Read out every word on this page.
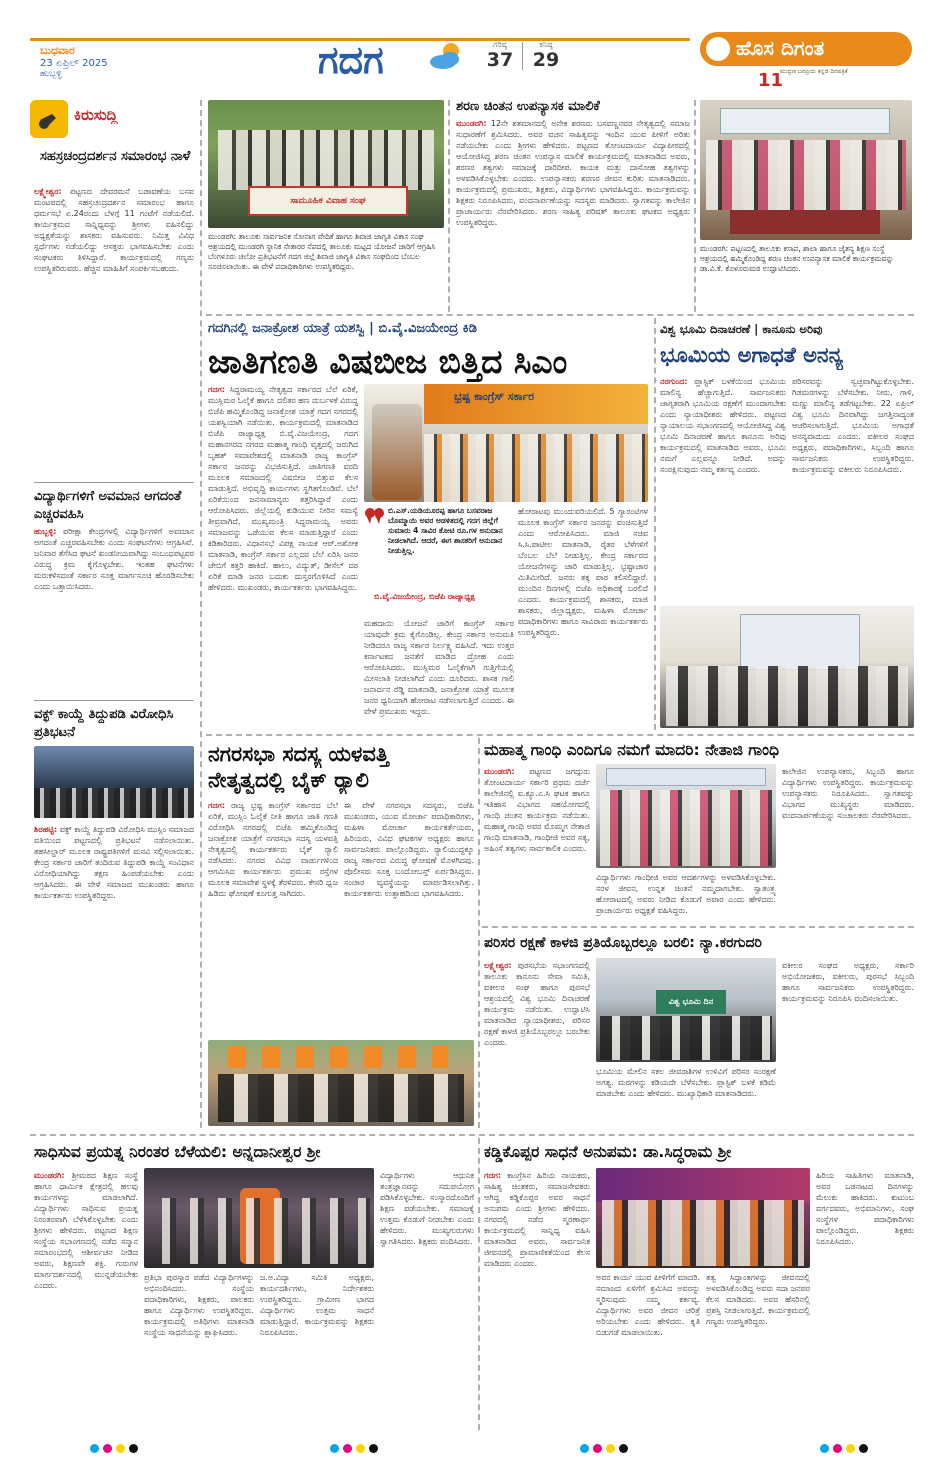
ಬುಧವಾರ
23 ಏಪ್ರಿಲ್ 2025
ಹುಬ್ಬಳ್ಳಿ	ಗದಗ	ಗರಿಷ್ಠ
37
ಕನಿಷ್ಠ
29	ಹೊಸ ದಿಗಂತ
ಮುದ್ರಣ ಜನಪ್ರಿಯ ಕನ್ನಡ ದಿನಪತ್ರಿಕೆ
11
ಕಿರುಸುದ್ದಿ
ಸಹಸ್ರಚಂದ್ರದರ್ಶನ ಸಮಾರಂಭ ನಾಳೆ
ಲಕ್ಷ್ಮೇಶ್ವರ: ಪಟ್ಟಣದ ದೇವರಮನೆ ಬಡಾವಣೆಯ ಬಸವ ಮಂಟಪದಲ್ಲಿ ಸಹಸ್ರಚಂದ್ರದರ್ಶನ ಸಮಾರಂಭ ಹಾಗೂ ಧರ್ಮಸಭೆ ಏ.24ರಂದು ಬೆಳಗ್ಗೆ 11 ಗಂಟೆಗೆ ನಡೆಯಲಿದೆ. ಕಾರ್ಯಕ್ರಮದ ಸಾನ್ನಿಧ್ಯವನ್ನು ಶ್ರೀಗಳು ವಹಿಸಲಿದ್ದು ಅಧ್ಯಕ್ಷತೆಯನ್ನು ಶಾಸಕರು ವಹಿಸುವರು. ನಿಮಿತ್ತ ವಿವಿಧ ಸ್ಪರ್ಧೆಗಳು ನಡೆಯಲಿದ್ದು ಆಸಕ್ತರು ಭಾಗವಹಿಸಬೇಕು ಎಂದು ಸಂಘಟಕರು ತಿಳಿಸಿದ್ದಾರೆ. ಕಾರ್ಯಕ್ರಮದಲ್ಲಿ ಗಣ್ಯರು ಉಪಸ್ಥಿತರಿರುವರು. ಹೆಚ್ಚಿನ ಮಾಹಿತಿಗೆ ಸಂಪರ್ಕಿಸಬಹುದು.
ವಿದ್ಯಾರ್ಥಿಗಳಿಗೆ ಅವಮಾನ ಆಗದಂತೆ ಎಚ್ಚರವಹಿಸಿ
ಹುಬ್ಬಳ್ಳಿ: ಪರೀಕ್ಷಾ ಕೇಂದ್ರಗಳಲ್ಲಿ ವಿದ್ಯಾರ್ಥಿಗಳಿಗೆ ಅವಮಾನ ಆಗದಂತೆ ಎಚ್ಚರವಹಿಸಬೇಕು ಎಂದು ಸಂಘಟನೆಗಳು ಆಗ್ರಹಿಸಿವೆ. ಜನಿವಾರ ತೆಗೆಸಿದ ಘಟನೆ ಖಂಡನೀಯವಾಗಿದ್ದು ಸಂಬಂಧಪಟ್ಟವರ ವಿರುದ್ಧ ಕ್ರಮ ಕೈಗೊಳ್ಳಬೇಕು. ಇಂತಹ ಘಟನೆಗಳು ಮರುಕಳಿಸದಂತೆ ಸರ್ಕಾರ ಸೂಕ್ತ ಮಾರ್ಗಸೂಚಿ ಹೊರಡಿಸಬೇಕು ಎಂದು ಒತ್ತಾಯಿಸಿದರು.
ವಕ್ಫ್ ಕಾಯ್ದೆ ತಿದ್ದುಪಡಿ ವಿರೋಧಿಸಿ ಪ್ರತಿಭಟನೆ
ಶಿರಹಟ್ಟಿ: ವಕ್ಫ್ ಕಾಯ್ದೆ ತಿದ್ದುಪಡಿ ವಿರೋಧಿಸಿ ಮುಸ್ಲಿಂ ಸಮಾಜದ ವತಿಯಿಂದ ಪಟ್ಟಣದಲ್ಲಿ ಪ್ರತಿಭಟನೆ ನಡೆಸಲಾಯಿತು. ತಹಸೀಲ್ದಾರ್ ಮೂಲಕ ರಾಷ್ಟ್ರಪತಿಗಳಿಗೆ ಮನವಿ ಸಲ್ಲಿಸಲಾಯಿತು. ಕೇಂದ್ರ ಸರ್ಕಾರ ಜಾರಿಗೆ ತಂದಿರುವ ತಿದ್ದುಪಡಿ ಕಾಯ್ದೆ ಸಂವಿಧಾನ ವಿರೋಧಿಯಾಗಿದ್ದು ತಕ್ಷಣ ಹಿಂಪಡೆಯಬೇಕು ಎಂದು ಆಗ್ರಹಿಸಿದರು. ಈ ವೇಳೆ ಸಮಾಜದ ಮುಖಂಡರು ಹಾಗೂ ಕಾರ್ಯಕರ್ತರು ಉಪಸ್ಥಿತರಿದ್ದರು.
ಸಾಮೂಹಿಕ ವಿವಾಹ ಸಂಘ
ಮುಂಡರಗಿ: ತಾಲೂಕು ಸಾರ್ವಜನಿಕ ಸೋನಾಗ ವೇದಿಕೆ ಹಾಗೂ ಶಿವಾಜಿ ಜಾಗೃತಿ ವಿಕಾಸ ಸಂಘ ಆಶ್ರಯದಲ್ಲಿ ಮುಂಡರಗಿ ಸ್ಥಾನಿಕ ನೇತಾರರ ನೆಪದಲ್ಲಿ ತಾಲೂಕು ಮಟ್ಟದ ಯೋಜನೆ ಜಾರಿಗೆ ಆಗ್ರಹಿಸಿ ಬೆಂಗಳೂರು ಚಲೋ ಪ್ರತಿಭಟನೆಗೆ ಗದಗ ಜಿಲ್ಲೆ ಶಿವಾಜಿ ಜಾಗೃತಿ ವಿಕಾಸ ಸಂಘದಿಂದ ಬೆಂಬಲ ಸೂಚಿಸಲಾಯಿತು. ಈ ವೇಳೆ ಪದಾಧಿಕಾರಿಗಳು ಉಪಸ್ಥಿತರಿದ್ದರು.
ಶರಣ ಚಿಂತನ ಉಪನ್ಯಾಸಕ ಮಾಲಿಕೆ
ಮುಂಡರಗಿ: 12ನೇ ಶತಮಾನದಲ್ಲಿ ಅನೇಕ ಶರಣರು ಬಸವಣ್ಣನವರ ನೇತೃತ್ವದಲ್ಲಿ ಸಮಾಜ ಸುಧಾರಣೆಗೆ ಶ್ರಮಿಸಿದರು. ಅವರ ವಚನ ಸಾಹಿತ್ಯವನ್ನು ಇಂದಿನ ಯುವ ಪೀಳಿಗೆ ಅರಿತು ನಡೆಯಬೇಕು ಎಂದು ಶ್ರೀಗಳು ಹೇಳಿದರು. ಪಟ್ಟಣದ ತೋಂಟದಾರ್ಯ ವಿದ್ಯಾಪೀಠದಲ್ಲಿ ಆಯೋಜಿಸಿದ್ದ ಶರಣ ಚಿಂತನ ಉಪನ್ಯಾಸ ಮಾಲಿಕೆ ಕಾರ್ಯಕ್ರಮದಲ್ಲಿ ಮಾತನಾಡಿದ ಅವರು, ಶರಣರ ತತ್ವಗಳು ಸಮಾಜಕ್ಕೆ ದಾರಿದೀಪ. ಕಾಯಕ ಮತ್ತು ದಾಸೋಹ ತತ್ವಗಳನ್ನು ಅಳವಡಿಸಿಕೊಳ್ಳಬೇಕು ಎಂದರು. ಉಪನ್ಯಾಸಕರು ಶರಣರ ಜೀವನ ಕುರಿತು ಮಾತನಾಡಿದರು. ಕಾರ್ಯಕ್ರಮದಲ್ಲಿ ಪ್ರಮುಖರು, ಶಿಕ್ಷಕರು, ವಿದ್ಯಾರ್ಥಿಗಳು ಭಾಗವಹಿಸಿದ್ದರು. ಕಾರ್ಯಕ್ರಮವನ್ನು ಶಿಕ್ಷಕರು ನಿರೂಪಿಸಿದರು, ವಂದನಾರ್ಪಣೆಯನ್ನು ಸದಸ್ಯರು ಮಾಡಿದರು. ಸ್ವಾಗತವನ್ನು ಕಾಲೇಜಿನ ಪ್ರಾಚಾರ್ಯರು ನೆರವೇರಿಸಿದರು. ಶರಣ ಸಾಹಿತ್ಯ ಪರಿಷತ್ ತಾಲೂಕು ಘಟಕದ ಅಧ್ಯಕ್ಷರು ಉಪಸ್ಥಿತರಿದ್ದರು.
ಮುಂಡರಗಿ: ಪಟ್ಟಣದಲ್ಲಿ ತಾಲೂಕು ಕಸಾಪ, ಶಾಲಾ ಹಾಗೂ ಚೈತನ್ಯ ಶಿಕ್ಷಣ ಸಂಸ್ಥೆ ಆಶ್ರಯದಲ್ಲಿ ಹಮ್ಮಿಕೊಂಡಿದ್ದ ಶರಣ ಚಿಂತನ ಉಪನ್ಯಾಸಕ ಮಾಲಿಕೆ ಕಾರ್ಯಕ್ರಮವನ್ನು ಡಾ.ವಿ.ಕೆ. ಕೊಳೂರುಮಠ ಉದ್ಘಾಟಿಸಿದರು.
ಗದಗಿನಲ್ಲಿ ಜನಾಕ್ರೋಶ ಯಾತ್ರೆ ಯಶಸ್ವಿ | ಬಿ.ವೈ.ವಿಜಯೇಂದ್ರ ಕಿಡಿ
ಜಾತಿಗಣತಿ ವಿಷಬೀಜ ಬಿತ್ತಿದ ಸಿಎಂ
ಗದಗ: ಸಿದ್ದರಾಮಯ್ಯ ನೇತೃತ್ವದ ಸರ್ಕಾರದ ಬೆಲೆ ಏರಿಕೆ, ಮುಸ್ಲಿಮರ ಓಲೈಕೆ ಹಾಗೂ ದಲಿತರ ಹಣ ದುರ್ಬಳಕೆ ವಿರುದ್ಧ ಬಿಜೆಪಿ ಹಮ್ಮಿಕೊಂಡಿದ್ದ ಜನಾಕ್ರೋಶ ಯಾತ್ರೆ ಗದಗ ನಗರದಲ್ಲಿ ಯಶಸ್ವಿಯಾಗಿ ನಡೆಯಿತು. ಕಾರ್ಯಕ್ರಮದಲ್ಲಿ ಮಾತನಾಡಿದ ಬಿಜೆಪಿ ರಾಜ್ಯಾಧ್ಯಕ್ಷ ಬಿ.ವೈ.ವಿಜಯೇಂದ್ರ, ಗದಗ ಮಹಾನಗರದ ನಗರದ ಮಹಾತ್ಮ ಗಾಂಧಿ ವೃತ್ತದಲ್ಲಿ ಜರುಗಿದ ಬೃಹತ್ ಸಮಾವೇಶದಲ್ಲಿ ಮಾತನಾಡಿ ರಾಜ್ಯ ಕಾಂಗ್ರೆಸ್ ಸರ್ಕಾರ ಜನರನ್ನು ವಿಭಜಿಸುತ್ತಿದೆ. ಜಾತಿಗಣತಿ ವರದಿ ಮೂಲಕ ಸಮಾಜದಲ್ಲಿ ವಿಷಬೀಜ ಬಿತ್ತುವ ಕೆಲಸ ಮಾಡುತ್ತಿದೆ. ಅಭಿವೃದ್ಧಿ ಕಾರ್ಯಗಳು ಸ್ಥಗಿತಗೊಂಡಿವೆ. ಬೆಲೆ ಏರಿಕೆಯಿಂದ ಜನಸಾಮಾನ್ಯರು ತತ್ತರಿಸಿದ್ದಾರೆ ಎಂದು ಆರೋಪಿಸಿದರು. ಜಿಲ್ಲೆಯಲ್ಲಿ ಕುಡಿಯುವ ನೀರಿನ ಸಮಸ್ಯೆ ತೀವ್ರವಾಗಿದೆ, ಮುಖ್ಯಮಂತ್ರಿ ಸಿದ್ದರಾಮಯ್ಯ ಅವರು ಸಮಾಜವನ್ನು ಒಡೆಯುವ ಕೆಲಸ ಮಾಡುತ್ತಿದ್ದಾರೆ ಎಂದು ಕಿಡಿಕಾರಿದರು. ವಿಧಾನಸಭೆ ವಿಪಕ್ಷ ನಾಯಕ ಆರ್.ಅಶೋಕ ಮಾತನಾಡಿ, ಕಾಂಗ್ರೆಸ್ ಸರ್ಕಾರ ಎಲ್ಲದರ ಬೆಲೆ ಏರಿಸಿ ಜನರ ಜೇಬಿಗೆ ಕತ್ತರಿ ಹಾಕಿದೆ. ಹಾಲು, ವಿದ್ಯುತ್, ಡೀಸೆಲ್ ದರ ಏರಿಕೆ ಮಾಡಿ ಜನರ ಬದುಕು ದುಸ್ತರಗೊಳಿಸಿದೆ ಎಂದು ಹೇಳಿದರು. ಮುಖಂಡರು, ಕಾರ್ಯಕರ್ತರು ಭಾಗವಹಿಸಿದ್ದರು.
ಭ್ರಷ್ಟ ಕಾಂಗ್ರೆಸ್ ಸರ್ಕಾರ
ಬಿ.ಎಸ್.ಯಡಿಯೂರಪ್ಪ ಹಾಗೂ ಬಸವರಾಜ ಬೊಮ್ಮಾಯಿ ಅವರ ಆಡಳಿತದಲ್ಲಿ ಗದಗ ಜಿಲ್ಲೆಗೆ ಸುಮಾರು 4 ಸಾವಿರ ಕೋಟಿ ರೂ.ಗಳ ಅನುದಾನ ನೀಡಲಾಗಿದೆ. ಆದರೆ, ಈಗ ಶಾಸಕರಿಗೆ ಅನುದಾನ ನೀಡುತ್ತಿಲ್ಲ.
ಬಿ.ವೈ.ವಿಜಯೇಂದ್ರ, ಬಿಜೆಪಿ ರಾಜ್ಯಾಧ್ಯಕ್ಷ
ಹೋರಾಟವು ಮುಂದುವರಿಯಲಿದೆ. 5 ಗ್ಯಾರಂಟಿಗಳ ಮೂಲಕ ಕಾಂಗ್ರೆಸ್ ಸರ್ಕಾರ ಜನರನ್ನು ವಂಚಿಸುತ್ತಿದೆ ಎಂದು ಆರೋಪಿಸಿದರು. ಮಾಜಿ ಸಚಿವ ಸಿ.ಸಿ.ಪಾಟೀಲ ಮಾತನಾಡಿ, ರೈತರ ಬೆಳೆಗಳಿಗೆ ಬೆಂಬಲ ಬೆಲೆ ನೀಡುತ್ತಿಲ್ಲ. ಕೇಂದ್ರ ಸರ್ಕಾರದ ಯೋಜನೆಗಳನ್ನು ಜಾರಿ ಮಾಡುತ್ತಿಲ್ಲ. ಭ್ರಷ್ಟಾಚಾರ ಮಿತಿಮೀರಿದೆ. ಜನರು ತಕ್ಕ ಪಾಠ ಕಲಿಸಲಿದ್ದಾರೆ. ಮುಂದಿನ ದಿನಗಳಲ್ಲಿ ಬಿಜೆಪಿ ಅಧಿಕಾರಕ್ಕೆ ಬರಲಿದೆ ಎಂದರು. ಕಾರ್ಯಕ್ರಮದಲ್ಲಿ ಶಾಸಕರು, ಮಾಜಿ ಶಾಸಕರು, ಜಿಲ್ಲಾಧ್ಯಕ್ಷರು, ಮಹಿಳಾ ಮೋರ್ಚಾ ಪದಾಧಿಕಾರಿಗಳು ಹಾಗೂ ಸಾವಿರಾರು ಕಾರ್ಯಕರ್ತರು ಉಪಸ್ಥಿತರಿದ್ದರು.
ಮಹದಾಯಿ ಯೋಜನೆ ಜಾರಿಗೆ ಕಾಂಗ್ರೆಸ್ ಸರ್ಕಾರ ಯಾವುದೇ ಕ್ರಮ ಕೈಗೊಂಡಿಲ್ಲ. ಕೇಂದ್ರ ಸರ್ಕಾರ ಅನುಮತಿ ನೀಡಿದರೂ ರಾಜ್ಯ ಸರ್ಕಾರ ನಿರ್ಲಕ್ಷ್ಯ ವಹಿಸಿದೆ. ಇದು ಉತ್ತರ ಕರ್ನಾಟಕದ ಜನತೆಗೆ ಮಾಡಿದ ದ್ರೋಹ ಎಂದು ಆರೋಪಿಸಿದರು. ಮುಸ್ಲಿಮರ ಓಲೈಕೆಗಾಗಿ ಗುತ್ತಿಗೆಯಲ್ಲಿ ಮೀಸಲಾತಿ ನೀಡಲಾಗಿದೆ ಎಂದು ದೂರಿದರು. ಶಾಸಕ ಗಾಲಿ ಜನಾರ್ದನ ರೆಡ್ಡಿ ಮಾತನಾಡಿ, ಜನಾಕ್ರೋಶ ಯಾತ್ರೆ ಮೂಲಕ ಜನರ ಧ್ವನಿಯಾಗಿ ಹೋರಾಟ ನಡೆಸಲಾಗುತ್ತಿದೆ ಎಂದರು. ಈ ವೇಳೆ ಪ್ರಮುಖರು ಇದ್ದರು.
ವಿಶ್ವ ಭೂಮಿ ದಿನಾಚರಣೆ | ಕಾನೂನು ಅರಿವು
ಭೂಮಿಯ ಅಗಾಧತೆ ಅನನ್ಯ
ನರಗುಂದ: ಪ್ಲಾಸ್ಟಿಕ್ ಬಳಕೆಯಿಂದ ಭೂಮಿಯ ಮಾಲಿನ್ಯ ಹೆಚ್ಚಾಗುತ್ತಿದೆ. ಸಾರ್ವಜನಿಕರು ಜಾಗೃತರಾಗಿ ಭೂಮಿಯ ರಕ್ಷಣೆಗೆ ಮುಂದಾಗಬೇಕು ಎಂದು ನ್ಯಾಯಾಧೀಶರು ಹೇಳಿದರು. ಪಟ್ಟಣದ ನ್ಯಾಯಾಲಯ ಸಭಾಂಗಣದಲ್ಲಿ ಆಯೋಜಿಸಿದ್ದ ವಿಶ್ವ ಭೂಮಿ ದಿನಾಚರಣೆ ಹಾಗೂ ಕಾನೂನು ಅರಿವು ಕಾರ್ಯಕ್ರಮದಲ್ಲಿ ಮಾತನಾಡಿದ ಅವರು, ಭೂಮಿ ನಮಗೆ ಎಲ್ಲವನ್ನೂ ನೀಡಿದೆ. ಅದನ್ನು ಸಂರಕ್ಷಿಸುವುದು ನಮ್ಮ ಕರ್ತವ್ಯ ಎಂದರು.
ಪರಿಸರವನ್ನು ಸ್ವಚ್ಛವಾಗಿಟ್ಟುಕೊಳ್ಳಬೇಕು. ಗಿಡಮರಗಳನ್ನು ಬೆಳೆಸಬೇಕು. ನೀರು, ಗಾಳಿ, ಮಣ್ಣು ಮಾಲಿನ್ಯ ತಡೆಗಟ್ಟಬೇಕು. 22 ಏಪ್ರಿಲ್ ವಿಶ್ವ ಭೂಮಿ ದಿನವಾಗಿದ್ದು ಜಗತ್ತಿನಾದ್ಯಂತ ಆಚರಿಸಲಾಗುತ್ತಿದೆ. ಭೂಮಿಯ ಅಗಾಧತೆ ಅನನ್ಯವಾದುದು ಎಂದರು. ವಕೀಲರ ಸಂಘದ ಅಧ್ಯಕ್ಷರು, ಪದಾಧಿಕಾರಿಗಳು, ಸಿಬ್ಬಂದಿ ಹಾಗೂ ಸಾರ್ವಜನಿಕರು ಉಪಸ್ಥಿತರಿದ್ದರು. ಕಾರ್ಯಕ್ರಮವನ್ನು ವಕೀಲರು ನಿರೂಪಿಸಿದರು.
ನಗರಸಭಾ ಸದಸ್ಯ ಯಳವತ್ತಿ
ನೇತೃತ್ವದಲ್ಲಿ ಬೈಕ್ ರ್‍ಯಾಲಿ
ಗದಗ: ರಾಜ್ಯ ಭ್ರಷ್ಟ ಕಾಂಗ್ರೆಸ್ ಸರ್ಕಾರದ ಬೆಲೆ ಏರಿಕೆ, ಮುಸ್ಲಿಂ ಓಲೈಕೆ ನೀತಿ ಹಾಗೂ ಜಾತಿ ಗಣತಿ ವಿರೋಧಿಸಿ ನಗರದಲ್ಲಿ ಬಿಜೆಪಿ ಹಮ್ಮಿಕೊಂಡಿದ್ದ ಜನಾಕ್ರೋಶ ಯಾತ್ರೆಗೆ ನಗರಸಭಾ ಸದಸ್ಯ ಯಳವತ್ತಿ ನೇತೃತ್ವದಲ್ಲಿ ಕಾರ್ಯಕರ್ತರು ಬೈಕ್ ರ್‍ಯಾಲಿ ನಡೆಸಿದರು. ನಗರದ ವಿವಿಧ ವಾರ್ಡುಗಳಿಂದ ಆಗಮಿಸಿದ ಕಾರ್ಯಕರ್ತರು ಪ್ರಮುಖ ರಸ್ತೆಗಳ ಮೂಲಕ ಸಮಾವೇಶ ಸ್ಥಳಕ್ಕೆ ತೆರಳಿದರು. ಕೇಸರಿ ಧ್ವಜ ಹಿಡಿದು ಘೋಷಣೆ ಕೂಗುತ್ತ ಸಾಗಿದರು.
ಈ ವೇಳೆ ನಗರಸಭಾ ಸದಸ್ಯರು, ಬಿಜೆಪಿ ಮುಖಂಡರು, ಯುವ ಮೋರ್ಚಾ ಪದಾಧಿಕಾರಿಗಳು, ಮಹಿಳಾ ಮೋರ್ಚಾ ಕಾರ್ಯಕರ್ತೆಯರು, ಹಿರಿಯರು, ವಿವಿಧ ಘಟಕಗಳ ಅಧ್ಯಕ್ಷರು ಹಾಗೂ ಸಾರ್ವಜನಿಕರು ಪಾಲ್ಗೊಂಡಿದ್ದರು. ರ್‍ಯಾಲಿಯುದ್ದಕ್ಕೂ ರಾಜ್ಯ ಸರ್ಕಾರದ ವಿರುದ್ಧ ಘೋಷಣೆ ಮೊಳಗಿದವು. ಪೊಲೀಸರು ಸೂಕ್ತ ಬಂದೋಬಸ್ತ್ ಏರ್ಪಡಿಸಿದ್ದರು. ಸಂಚಾರ ವ್ಯವಸ್ಥೆಯನ್ನು ಮಾರ್ಪಡಿಸಲಾಗಿತ್ತು. ಕಾರ್ಯಕರ್ತರು ಉತ್ಸಾಹದಿಂದ ಭಾಗವಹಿಸಿದರು.
ಮಹಾತ್ಮ ಗಾಂಧಿ ಎಂದಿಗೂ ನಮಗೆ ಮಾದರಿ: ನೇತಾಜಿ ಗಾಂಧಿ
ಮುಂಡರಗಿ: ಪಟ್ಟಣದ ಜಗದ್ಗುರು ತೋಂಟದಾರ್ಯ ಸರ್ಕಾರಿ ಪ್ರಥಮ ದರ್ಜೆ ಕಾಲೇಜಿನಲ್ಲಿ ಐ.ಕ್ಯೂ.ಎ.ಸಿ ಘಟಕ ಹಾಗೂ ಇತಿಹಾಸ ವಿಭಾಗದ ಸಹಯೋಗದಲ್ಲಿ ಗಾಂಧಿ ಚಿಂತನ ಕಾರ್ಯಕ್ರಮ ನಡೆಯಿತು. ಮಹಾತ್ಮ ಗಾಂಧಿ ಅವರ ಮೊಮ್ಮಗ ನೇತಾಜಿ ಗಾಂಧಿ ಮಾತನಾಡಿ, ಗಾಂಧೀಜಿ ಅವರ ಸತ್ಯ, ಅಹಿಂಸೆ ತತ್ವಗಳು ಸಾರ್ವಕಾಲಿಕ ಎಂದರು.
ವಿದ್ಯಾರ್ಥಿಗಳು ಗಾಂಧೀಜಿ ಅವರ ಆದರ್ಶಗಳನ್ನು ಅಳವಡಿಸಿಕೊಳ್ಳಬೇಕು. ಸರಳ ಜೀವನ, ಉನ್ನತ ಚಿಂತನೆ ನಮ್ಮದಾಗಬೇಕು. ಸ್ವಾತಂತ್ರ್ಯ ಹೋರಾಟದಲ್ಲಿ ಅವರು ನೀಡಿದ ಕೊಡುಗೆ ಅಪಾರ ಎಂದು ಹೇಳಿದರು. ಪ್ರಾಚಾರ್ಯರು ಅಧ್ಯಕ್ಷತೆ ವಹಿಸಿದ್ದರು.
ಕಾಲೇಜಿನ ಉಪನ್ಯಾಸಕರು, ಸಿಬ್ಬಂದಿ ಹಾಗೂ ವಿದ್ಯಾರ್ಥಿಗಳು ಉಪಸ್ಥಿತರಿದ್ದರು. ಕಾರ್ಯಕ್ರಮವನ್ನು ಉಪನ್ಯಾಸಕರು ನಿರೂಪಿಸಿದರು. ಸ್ವಾಗತವನ್ನು ವಿಭಾಗದ ಮುಖ್ಯಸ್ಥರು ಮಾಡಿದರು. ವಂದನಾರ್ಪಣೆಯನ್ನು ಸಂಚಾಲಕರು ನೆರವೇರಿಸಿದರು.
ಪರಿಸರ ರಕ್ಷಣೆ ಕಾಳಜಿ ಪ್ರತಿಯೊಬ್ಬರಲ್ಲೂ ಬರಲಿ: ನ್ಯಾ.ಕರಗುದರಿ
ಲಕ್ಷ್ಮೇಶ್ವರ: ಪುರಸಭೆಯ ಸಭಾಂಗಣದಲ್ಲಿ ತಾಲೂಕು ಕಾನೂನು ಸೇವಾ ಸಮಿತಿ, ವಕೀಲರ ಸಂಘ ಹಾಗೂ ಪುರಸಭೆ ಆಶ್ರಯದಲ್ಲಿ ವಿಶ್ವ ಭೂಮಿ ದಿನಾಚರಣೆ ಕಾರ್ಯಕ್ರಮ ನಡೆಯಿತು. ಉದ್ಘಾಟಿಸಿ ಮಾತನಾಡಿದ ನ್ಯಾಯಾಧೀಶರು, ಪರಿಸರ ರಕ್ಷಣೆ ಕಾಳಜಿ ಪ್ರತಿಯೊಬ್ಬರಲ್ಲೂ ಬರಬೇಕು ಎಂದರು.
ವಿಶ್ವ ಭೂಮಿ ದಿನ
ಭೂಮಿಯ ಮೇಲಿನ ಸಕಲ ಜೀವರಾಶಿಗಳ ಉಳಿವಿಗೆ ಪರಿಸರ ಸಂರಕ್ಷಣೆ ಅಗತ್ಯ. ಮರಗಳನ್ನು ಕಡಿಯದೇ ಬೆಳೆಸಬೇಕು. ಪ್ಲಾಸ್ಟಿಕ್ ಬಳಕೆ ಕಡಿಮೆ ಮಾಡಬೇಕು ಎಂದು ಹೇಳಿದರು. ಮುಖ್ಯಾಧಿಕಾರಿ ಮಾತನಾಡಿದರು.
ವಕೀಲರ ಸಂಘದ ಅಧ್ಯಕ್ಷರು, ಸರ್ಕಾರಿ ಅಭಿಯೋಜಕರು, ವಕೀಲರು, ಪುರಸಭೆ ಸಿಬ್ಬಂದಿ ಹಾಗೂ ಸಾರ್ವಜನಿಕರು ಉಪಸ್ಥಿತರಿದ್ದರು. ಕಾರ್ಯಕ್ರಮವನ್ನು ನಿರೂಪಿಸಿ ವಂದಿಸಲಾಯಿತು.
ಸಾಧಿಸುವ ಪ್ರಯತ್ನ ನಿರಂತರ ಬೆಳೆಯಲಿ: ಅನ್ನದಾನೀಶ್ವರ ಶ್ರೀ
ಮುಂಡರಗಿ: ಶ್ರೀಮಠದ ಶಿಕ್ಷಣ ಸಂಸ್ಥೆ ಹಾಗೂ ಧಾರ್ಮಿಕ ಕ್ಷೇತ್ರದಲ್ಲಿ ಹಲವು ಕಾರ್ಯಗಳನ್ನು ಮಾಡಲಾಗಿದೆ. ವಿದ್ಯಾರ್ಥಿಗಳು ಸಾಧಿಸುವ ಪ್ರಯತ್ನ ನಿರಂತರವಾಗಿ ಬೆಳೆಸಿಕೊಳ್ಳಬೇಕು ಎಂದು ಶ್ರೀಗಳು ಹೇಳಿದರು. ಪಟ್ಟಣದ ಶಿಕ್ಷಣ ಸಂಸ್ಥೆಯ ಸಭಾಂಗಣದಲ್ಲಿ ನಡೆದ ಸನ್ಮಾನ ಸಮಾರಂಭದಲ್ಲಿ ಆಶೀರ್ವಚನ ನೀಡಿದ ಅವರು, ಶಿಕ್ಷಣವೇ ಶಕ್ತಿ. ಗುರುಗಳ ಮಾರ್ಗದರ್ಶನದಲ್ಲಿ ಮುನ್ನಡೆಯಬೇಕು ಎಂದರು.
ಪ್ರತಿಭಾ ಪುರಸ್ಕಾರ ಪಡೆದ ವಿದ್ಯಾರ್ಥಿಗಳನ್ನು ಅಭಿನಂದಿಸಿದರು. ಸಂಸ್ಥೆಯ ಪದಾಧಿಕಾರಿಗಳು, ಶಿಕ್ಷಕರು, ಪಾಲಕರು ಹಾಗೂ ವಿದ್ಯಾರ್ಥಿಗಳು ಉಪಸ್ಥಿತರಿದ್ದರು. ಕಾರ್ಯಕ್ರಮದಲ್ಲಿ ಅತಿಥಿಗಳು ಮಾತನಾಡಿ ಸಂಸ್ಥೆಯ ಸಾಧನೆಯನ್ನು ಶ್ಲಾಘಿಸಿದರು.
ಜ.ಅ.ವಿದ್ಯಾ ಸಮಿತಿ ಅಧ್ಯಕ್ಷರು, ಕಾರ್ಯದರ್ಶಿಗಳು, ನಿರ್ದೇಶಕರು ಉಪಸ್ಥಿತರಿದ್ದರು. ಗ್ರಾಮೀಣ ಭಾಗದ ವಿದ್ಯಾರ್ಥಿಗಳು ಉತ್ತಮ ಸಾಧನೆ ಮಾಡುತ್ತಿದ್ದಾರೆ. ಕಾರ್ಯಕ್ರಮವನ್ನು ಶಿಕ್ಷಕರು ನಿರೂಪಿಸಿದರು.
ವಿದ್ಯಾರ್ಥಿಗಳು ಆಧುನಿಕ ತಂತ್ರಜ್ಞಾನವನ್ನು ಸದುಪಯೋಗ ಪಡಿಸಿಕೊಳ್ಳಬೇಕು. ಸಂಸ್ಕಾರದೊಂದಿಗೆ ಶಿಕ್ಷಣ ಪಡೆಯಬೇಕು. ಸಮಾಜಕ್ಕೆ ಉತ್ತಮ ಕೊಡುಗೆ ನೀಡಬೇಕು ಎಂದು ಹೇಳಿದರು. ಮುಖ್ಯಗುರುಗಳು ಸ್ವಾಗತಿಸಿದರು. ಶಿಕ್ಷಕರು ವಂದಿಸಿದರು.
ಕಡ್ಡಿಕೊಪ್ಪರ ಸಾಧನೆ ಅನುಪಮ: ಡಾ.ಸಿದ್ಧರಾಮ ಶ್ರೀ
ಗದಗ: ಕಾಂಗ್ರೆಸಿನ ಹಿರಿಯ ನಾಯಕರು, ಸಾಹಿತ್ಯ ಚಿಂತಕರು, ಸಮಾಜಸೇವಕರು ಆಗಿದ್ದ ಕಡ್ಡಿಕೊಪ್ಪರ ಅವರ ಸಾಧನೆ ಅನುಪಮ ಎಂದು ಶ್ರೀಗಳು ಹೇಳಿದರು. ನಗರದಲ್ಲಿ ನಡೆದ ಸ್ಮರಣಾರ್ಥ ಕಾರ್ಯಕ್ರಮದಲ್ಲಿ ಸಾನ್ನಿಧ್ಯ ವಹಿಸಿ ಮಾತನಾಡಿದ ಅವರು, ಸಾರ್ವಜನಿಕ ಜೀವನದಲ್ಲಿ ಪ್ರಾಮಾಣಿಕತೆಯಿಂದ ಕೆಲಸ ಮಾಡಿದರು ಎಂದರು.
ಅವರ ಕಾರ್ಯ ಯುವ ಪೀಳಿಗೆಗೆ ಮಾದರಿ. ಸಮಾಜದ ಏಳಿಗೆಗೆ ಶ್ರಮಿಸಿದ ಅವರನ್ನು ಸ್ಮರಿಸುವುದು ನಮ್ಮ ಕರ್ತವ್ಯ. ವಿದ್ಯಾರ್ಥಿಗಳು ಅವರ ಜೀವನ ಚರಿತ್ರೆ ಅರಿಯಬೇಕು ಎಂದು ಹೇಳಿದರು. ಕೃತಿ ಬಿಡುಗಡೆ ಮಾಡಲಾಯಿತು.
ತತ್ವ ಸಿದ್ಧಾಂತಗಳನ್ನು ಜೀವನದಲ್ಲಿ ಅಳವಡಿಸಿಕೊಂಡಿದ್ದ ಅವರು ಸದಾ ಜನಪರ ಕೆಲಸ ಮಾಡಿದರು. ಅವರ ಹೆಸರಿನಲ್ಲಿ ಪ್ರಶಸ್ತಿ ನೀಡಲಾಗುತ್ತಿದೆ. ಕಾರ್ಯಕ್ರಮದಲ್ಲಿ ಗಣ್ಯರು ಉಪಸ್ಥಿತರಿದ್ದರು.
ಹಿರಿಯ ಸಾಹಿತಿಗಳು ಮಾತನಾಡಿ, ಅವರ ಒಡನಾಟದ ದಿನಗಳನ್ನು ಮೆಲುಕು ಹಾಕಿದರು. ಕುಟುಂಬ ವರ್ಗದವರು, ಅಭಿಮಾನಿಗಳು, ಸಂಘ ಸಂಸ್ಥೆಗಳ ಪದಾಧಿಕಾರಿಗಳು ಪಾಲ್ಗೊಂಡಿದ್ದರು. ಶಿಕ್ಷಕರು ನಿರೂಪಿಸಿದರು.
